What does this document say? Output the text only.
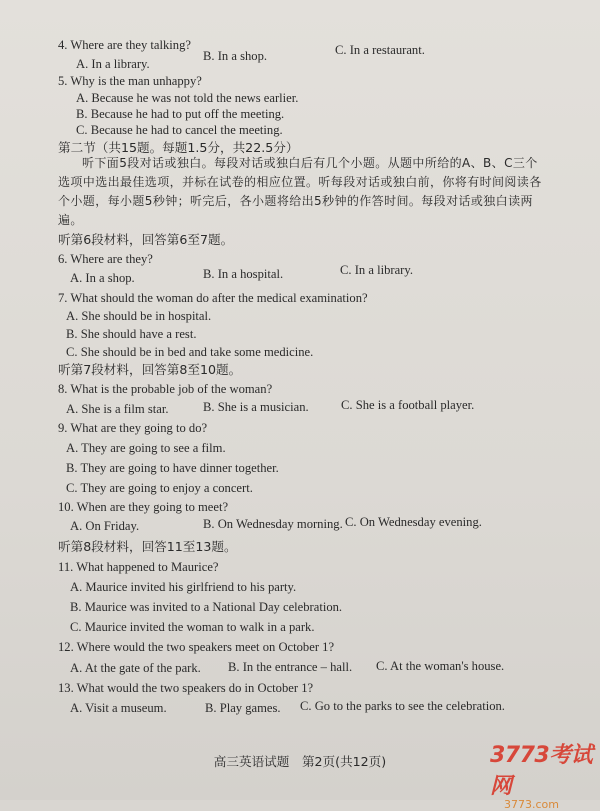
4. Where are they talking?
A. In a library.
B. In a shop.	C. In a restaurant.
5. Why is the man unhappy?
A. Because he was not told the news earlier.
B. Because he had to put off the meeting.
C. Because he had to cancel the meeting.
第二节（共15题。每题1.5分，共22.5分）
听下面5段对话或独白。每段对话或独白后有几个小题。从题中所给的A、B、C三个选项中选出最佳选项，并标在试卷的相应位置。听每段对话或独白前，你将有时间阅读各个小题，每小题5秒钟；听完后，各小题将给出5秒钟的作答时间。每段对话或独白读两遍。
听第6段材料，回答第6至7题。
6. Where are they?
A. In a shop.	B. In a hospital.	C. In a library.
7. What should the woman do after the medical examination?
A. She should be in hospital.
B. She should have a rest.
C. She should be in bed and take some medicine.
听第7段材料，回答第8至10题。
8. What is the probable job of the woman?
A. She is a film star.	B. She is a musician.	C. She is a football player.
9. What are they going to do?
A. They are going to see a film.
B. They are going to have dinner together.
C. They are going to enjoy a concert.
10. When are they going to meet?
A. On Friday.	B. On Wednesday morning. C. On Wednesday evening.
听第8段材料，回答11至13题。
11. What happened to Maurice?
A. Maurice invited his girlfriend to his party.
B. Maurice was invited to a National Day celebration.
C. Maurice invited the woman to walk in a park.
12. Where would the two speakers meet on October 1?
A. At the gate of the park. B. In the entrance – hall. C. At the woman's house.
13. What would the two speakers do in October 1?
A. Visit a museum.	B. Play games. C. Go to the parks to see the celebration.
高三英语试题　第2页(共12页)	3773考试网
3773.com
